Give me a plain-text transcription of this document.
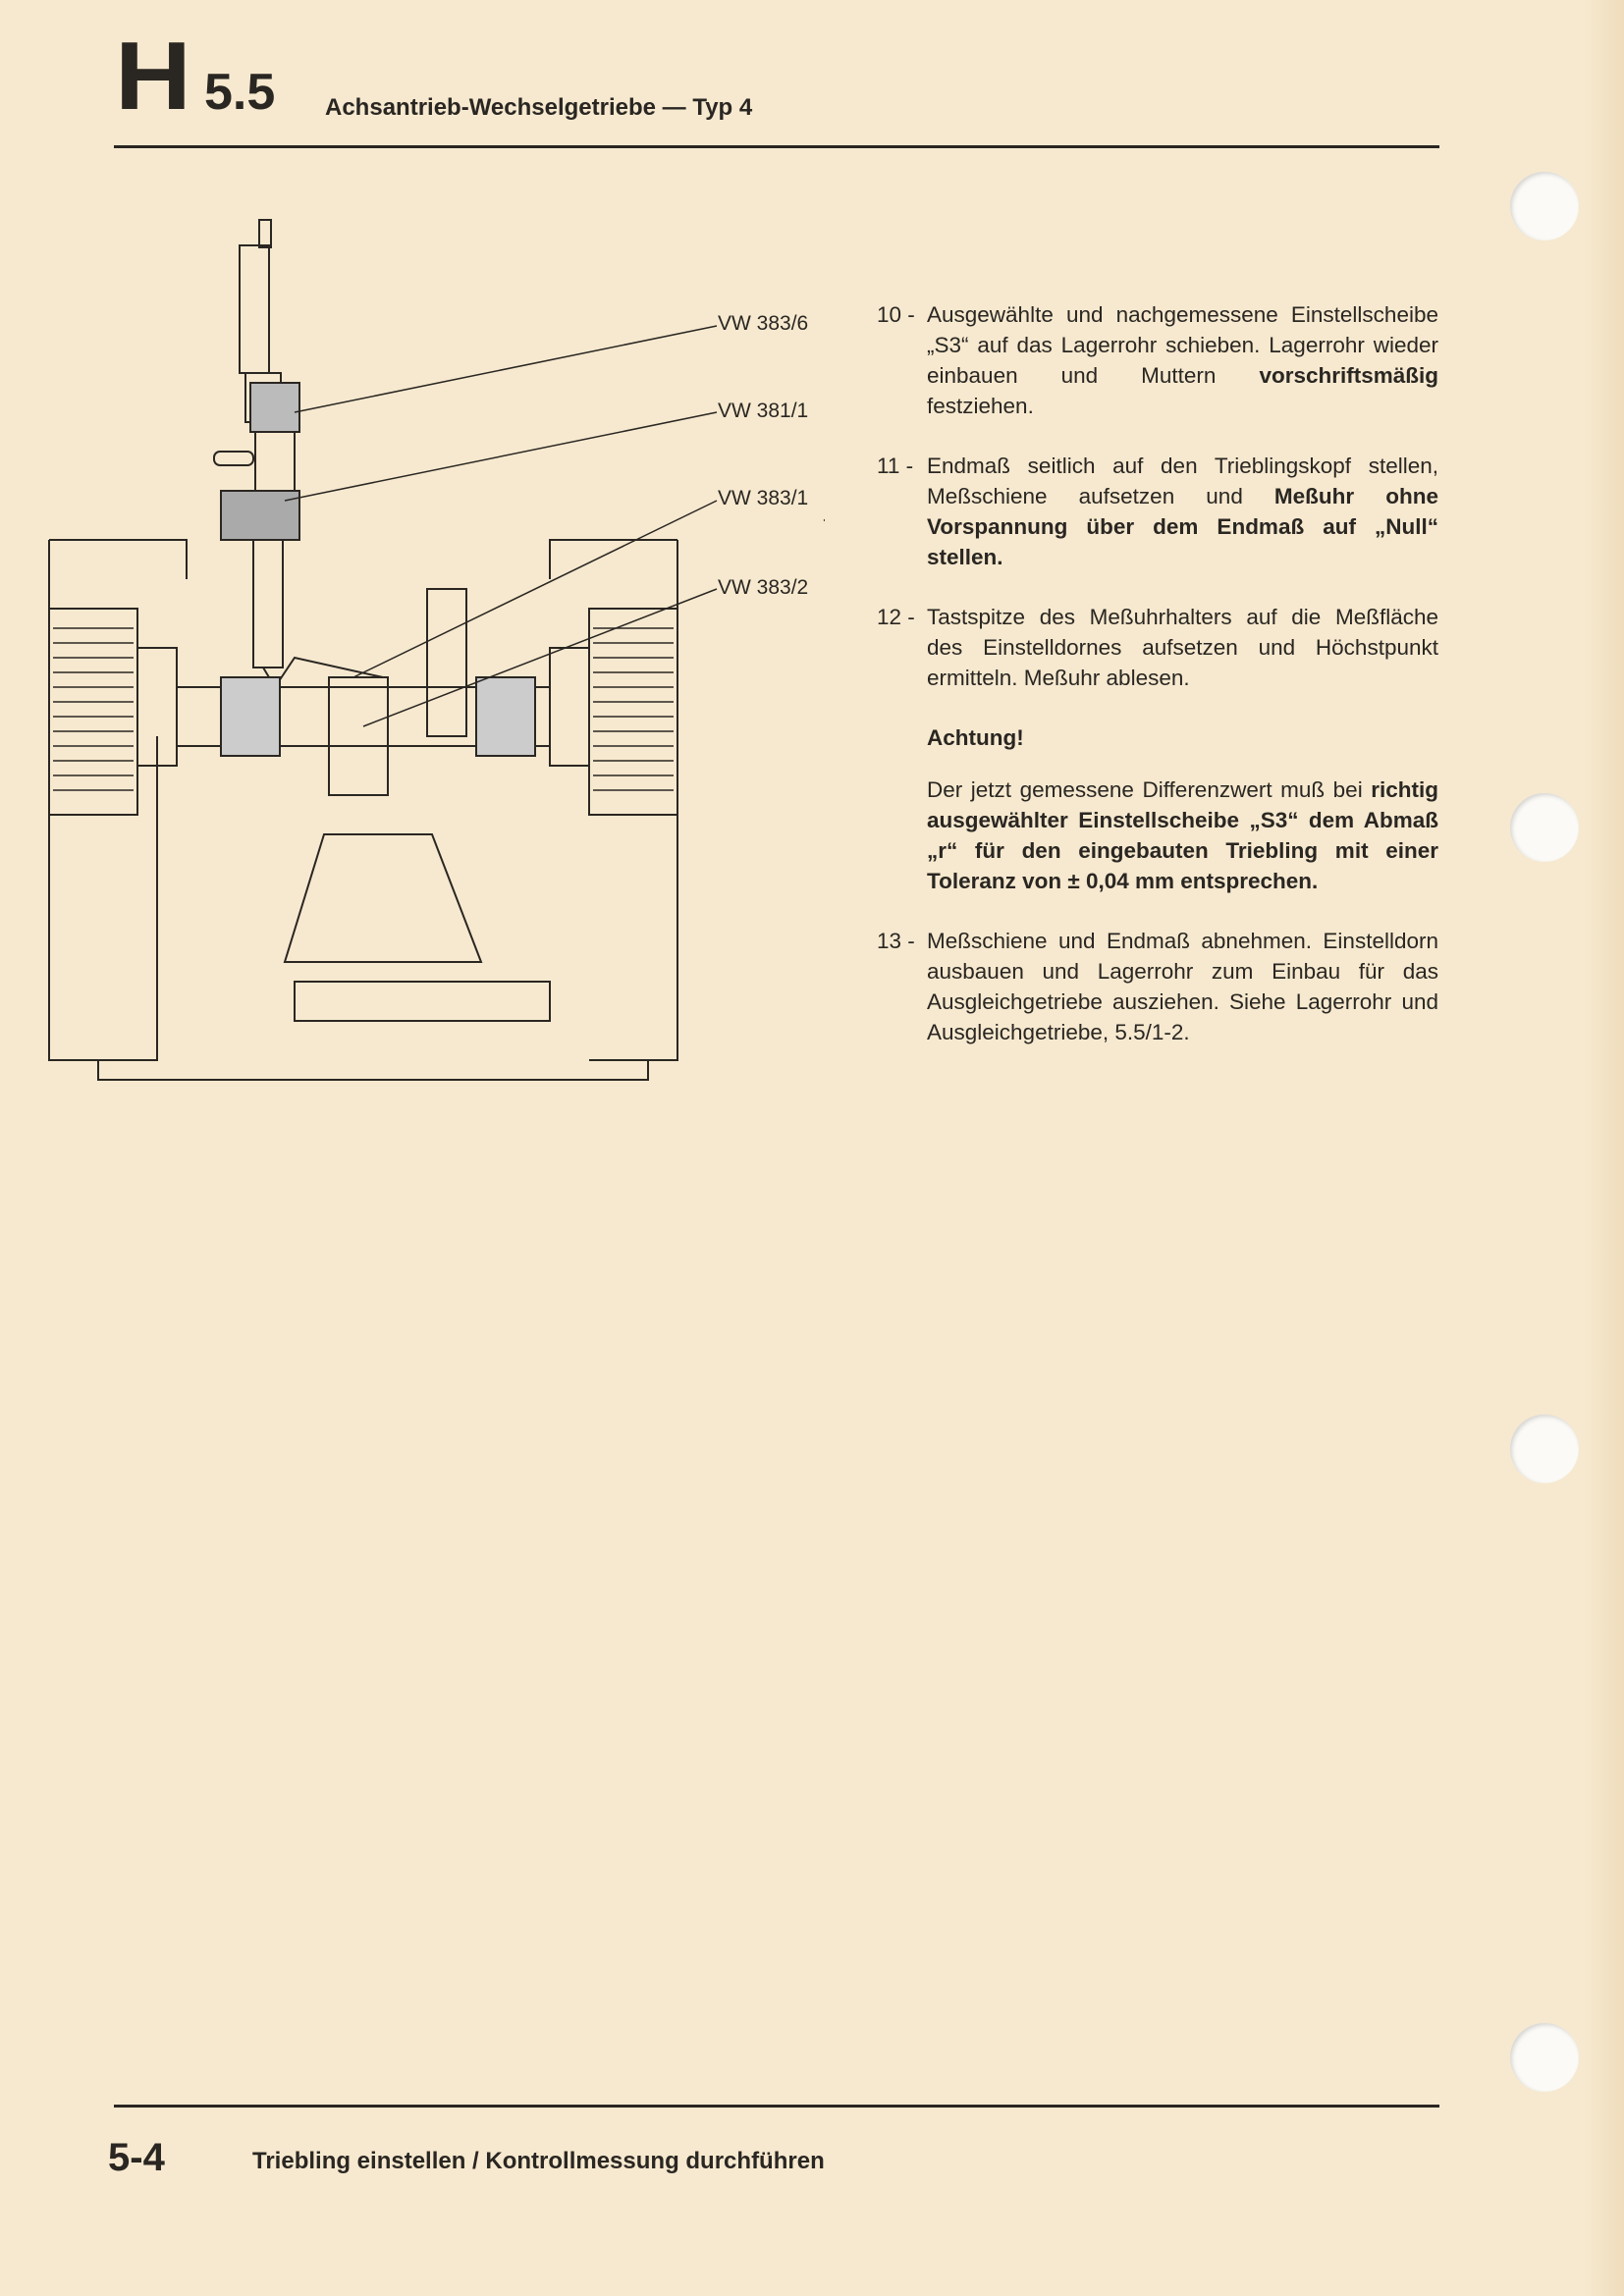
H 5.5 Achsantrieb-Wechselgetriebe — Typ 4
VW 383/6
VW 381/1
VW 383/1
VW 383/2
10 - Ausgewählte und nachgemessene Einstellscheibe „S3“ auf das Lagerrohr schieben. Lagerrohr wieder einbauen und Muttern vorschriftsmäßig festziehen.
11 - Endmaß seitlich auf den Trieblingskopf stellen, Meßschiene aufsetzen und Meßuhr ohne Vorspannung über dem Endmaß auf „Null“ stellen.
12 - Tastspitze des Meßuhrhalters auf die Meßfläche des Einstelldornes aufsetzen und Höchstpunkt ermitteln. Meßuhr ablesen.
Achtung!
Der jetzt gemessene Differenzwert muß bei richtig ausgewählter Einstellscheibe „S3“ dem Abmaß „r“ für den eingebauten Triebling mit einer Toleranz von ± 0,04 mm entsprechen.
13 - Meßschiene und Endmaß abnehmen. Einstelldorn ausbauen und Lagerrohr zum Einbau für das Ausgleichgetriebe ausziehen. Siehe Lagerrohr und Ausgleichgetriebe, 5.5/1-2.
5-4	Triebling einstellen / Kontrollmessung durchführen
